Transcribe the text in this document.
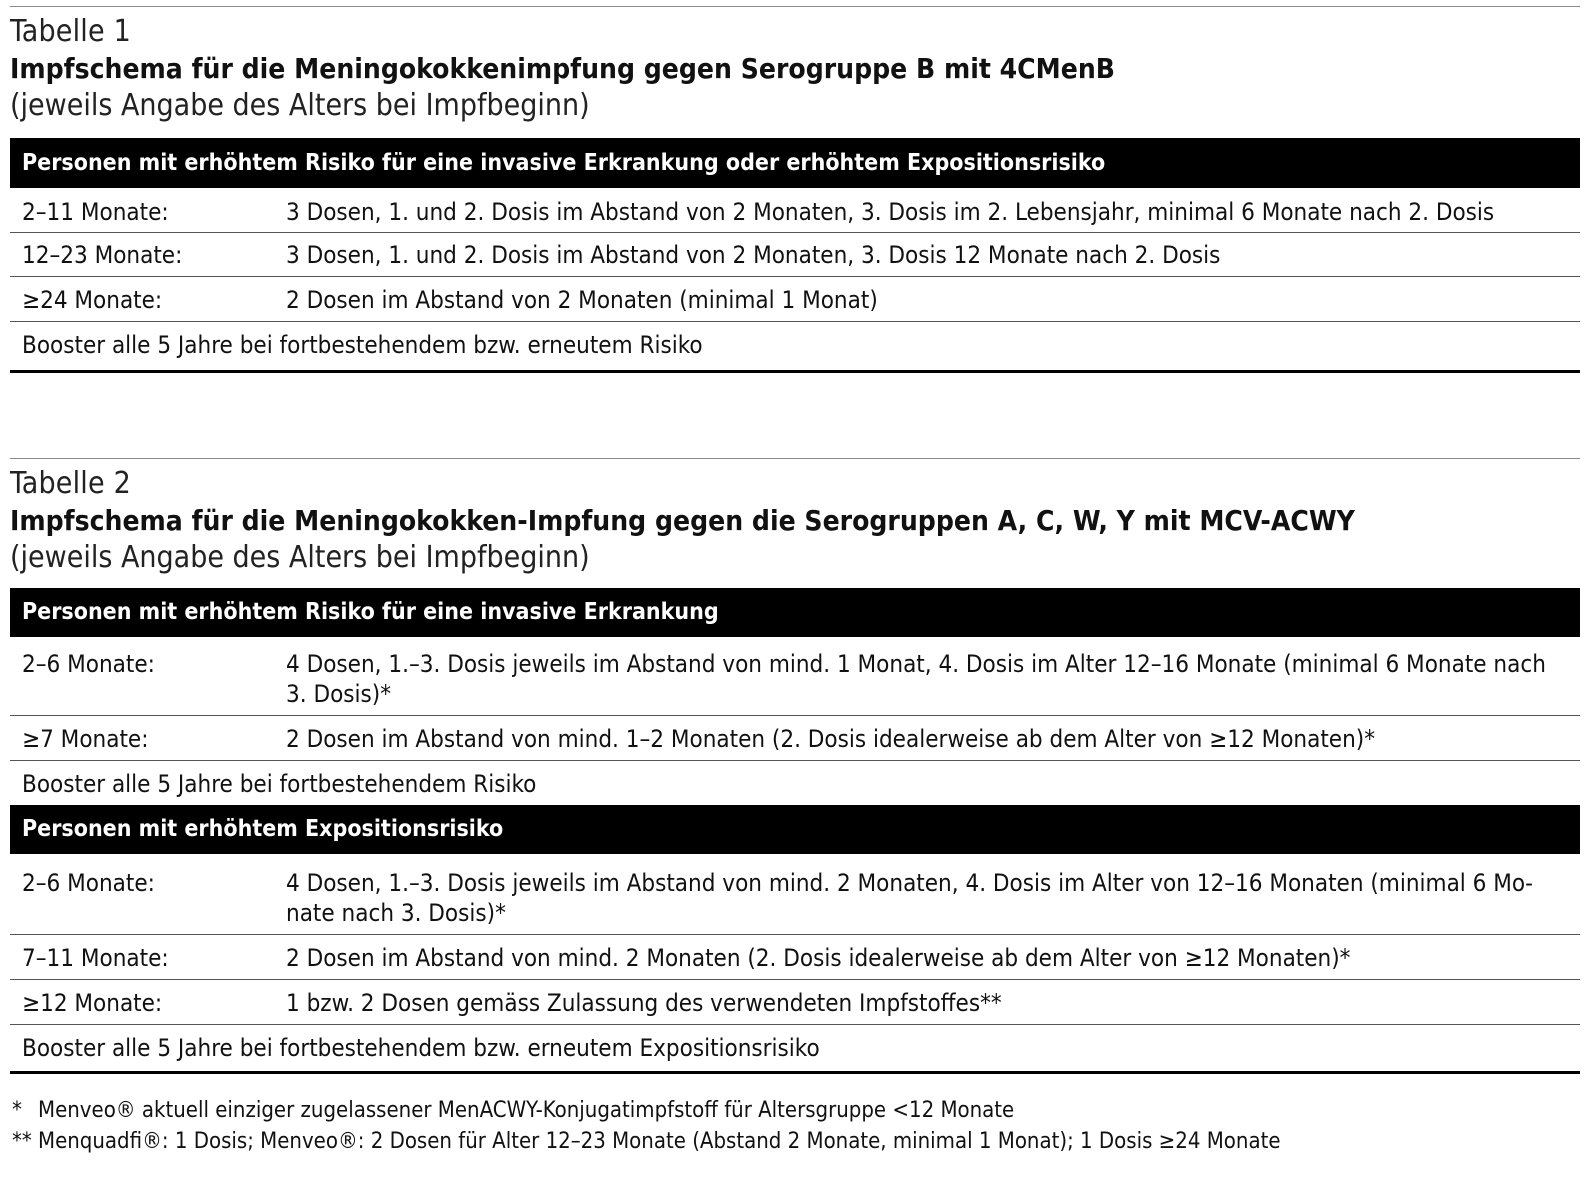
Tabelle 1
Impfschema für die Meningokokkenimpfung gegen Serogruppe B mit 4CMenB
(jeweils Angabe des Alters bei Impfbeginn)
Personen mit erhöhtem Risiko für eine invasive Erkrankung oder erhöhtem Expositionsrisiko
2–11 Monate:	3 Dosen, 1. und 2. Dosis im Abstand von 2 Monaten, 3. Dosis im 2. Lebensjahr, minimal 6 Monate nach 2. Dosis
12–23 Monate:	3 Dosen, 1. und 2. Dosis im Abstand von 2 Monaten, 3. Dosis 12 Monate nach 2. Dosis
≥24 Monate:	2 Dosen im Abstand von 2 Monaten (minimal 1 Monat)
Booster alle 5 Jahre bei fortbestehendem bzw. erneutem Risiko
Tabelle 2
Impfschema für die Meningokokken-Impfung gegen die Serogruppen A, C, W, Y mit MCV-ACWY
(jeweils Angabe des Alters bei Impfbeginn)
Personen mit erhöhtem Risiko für eine invasive Erkrankung
2–6 Monate:	4 Dosen, 1.–3. Dosis jeweils im Abstand von mind. 1 Monat, 4. Dosis im Alter 12–16 Monate (minimal 6 Monate nach 3. Dosis)*
≥7 Monate:	2 Dosen im Abstand von mind. 1–2 Monaten (2. Dosis idealerweise ab dem Alter von ≥12 Monaten)*
Booster alle 5 Jahre bei fortbestehendem Risiko
Personen mit erhöhtem Expositionsrisiko
2–6 Monate:	4 Dosen, 1.–3. Dosis jeweils im Abstand von mind. 2 Monaten, 4. Dosis im Alter von 12–16 Monaten (minimal 6 Monate nach 3. Dosis)*
7–11 Monate:	2 Dosen im Abstand von mind. 2 Monaten (2. Dosis idealerweise ab dem Alter von ≥12 Monaten)*
≥12 Monate:	1 bzw. 2 Dosen gemäss Zulassung des verwendeten Impfstoffes**
Booster alle 5 Jahre bei fortbestehendem bzw. erneutem Expositionsrisiko
* Menveo® aktuell einziger zugelassener MenACWY-Konjugatimpfstoff für Altersgruppe <12 Monate
** Menquadfi®: 1 Dosis; Menveo®: 2 Dosen für Alter 12–23 Monate (Abstand 2 Monate, minimal 1 Monat); 1 Dosis ≥24 Monate
